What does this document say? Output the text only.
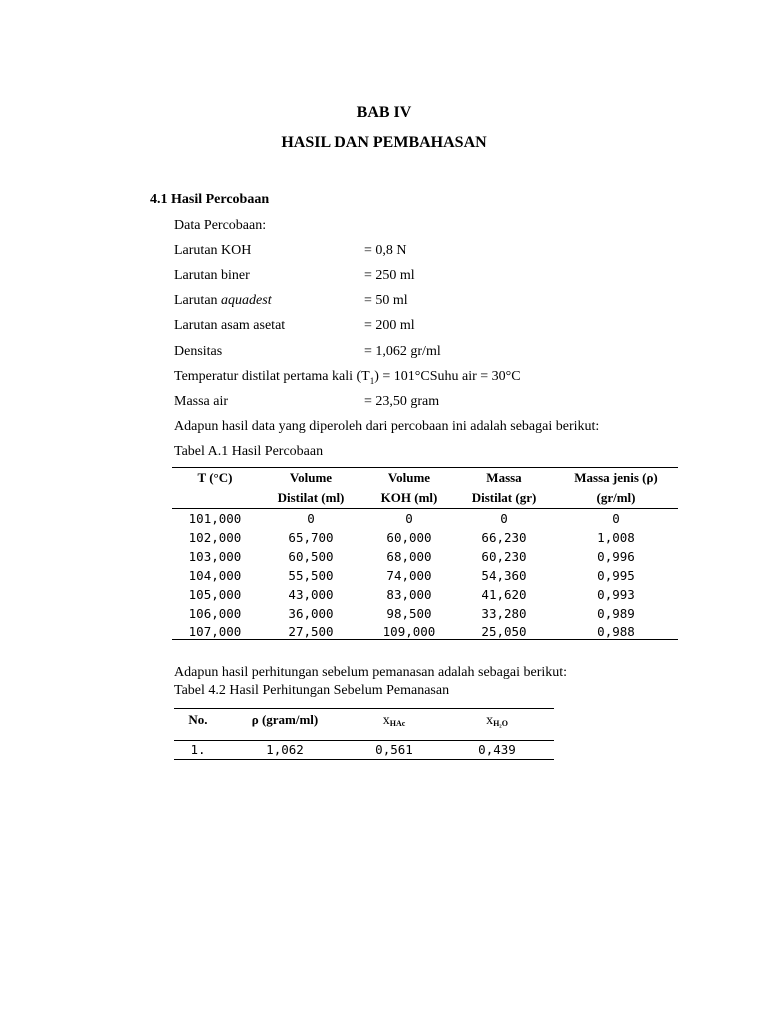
BAB IV
HASIL DAN PEMBAHASAN
4.1 Hasil Percobaan
Data Percobaan:
Larutan KOH	= 0,8 N
Larutan biner	= 250 ml
Larutan aquadest	= 50 ml
Larutan asam asetat	= 200 ml
Densitas	= 1,062 gr/ml
Temperatur distilat pertama kali $(T_1)$ = 101°CSuhu air = 30°C
Massa air	= 23,50 gram
Adapun hasil data yang diperoleh dari percobaan ini adalah sebagai berikut:
Tabel A.1 Hasil Percobaan
T (°C)	Volume	Volume	Massa	Massa jenis (ρ)
	Distilat (ml)	KOH (ml)	Distilat (gr)	(gr/ml)
101,000	0	0	0	0
102,000	65,700	60,000	66,230	1,008
103,000	60,500	68,000	60,230	0,996
104,000	55,500	74,000	54,360	0,995
105,000	43,000	83,000	41,620	0,993
106,000	36,000	98,500	33,280	0,989
107,000	27,500	109,000	25,050	0,988
Adapun hasil perhitungan sebelum pemanasan adalah sebagai berikut:
Tabel 4.2 Hasil Perhitungan Sebelum Pemanasan
No.	ρ (gram/ml)	xHAc	xH₂O
1.	1,062	0,561	0,439
